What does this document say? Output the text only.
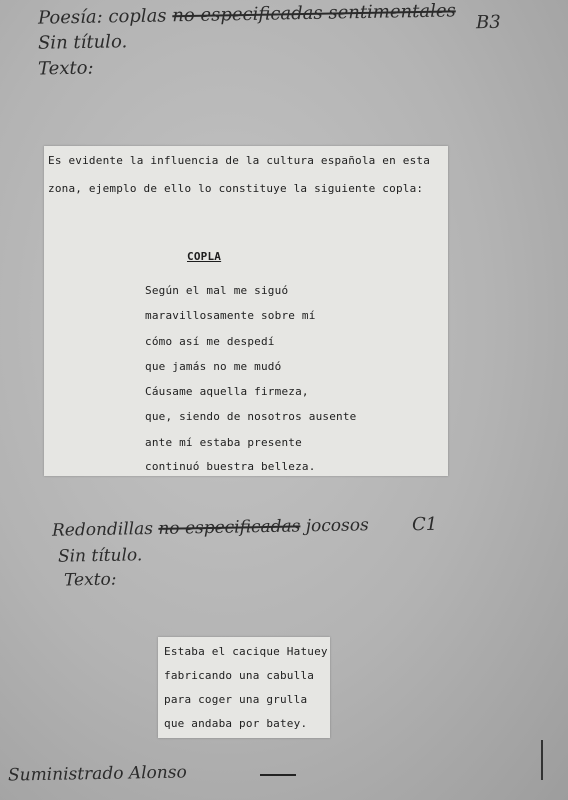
Poesía: coplas no especificadas sentimentales B3
Sin título.
Texto:
Es evidente la influencia de la cultura española en esta
zona, ejemplo de ello lo constituye la siguiente copla:
COPLA
Según el mal me siguó
maravillosamente sobre mí
cómo así me despedí
que jamás no me mudó
Cáusame aquella firmeza,
que, siendo de nosotros ausente
ante mí estaba presente
continuó buestra belleza.
Redondillas no especificadas jocosos C1
Sin título.
Texto:
Estaba el cacique Hatuey
fabricando una cabulla
para coger una grulla
que andaba por batey.
Suministrado Alonso
